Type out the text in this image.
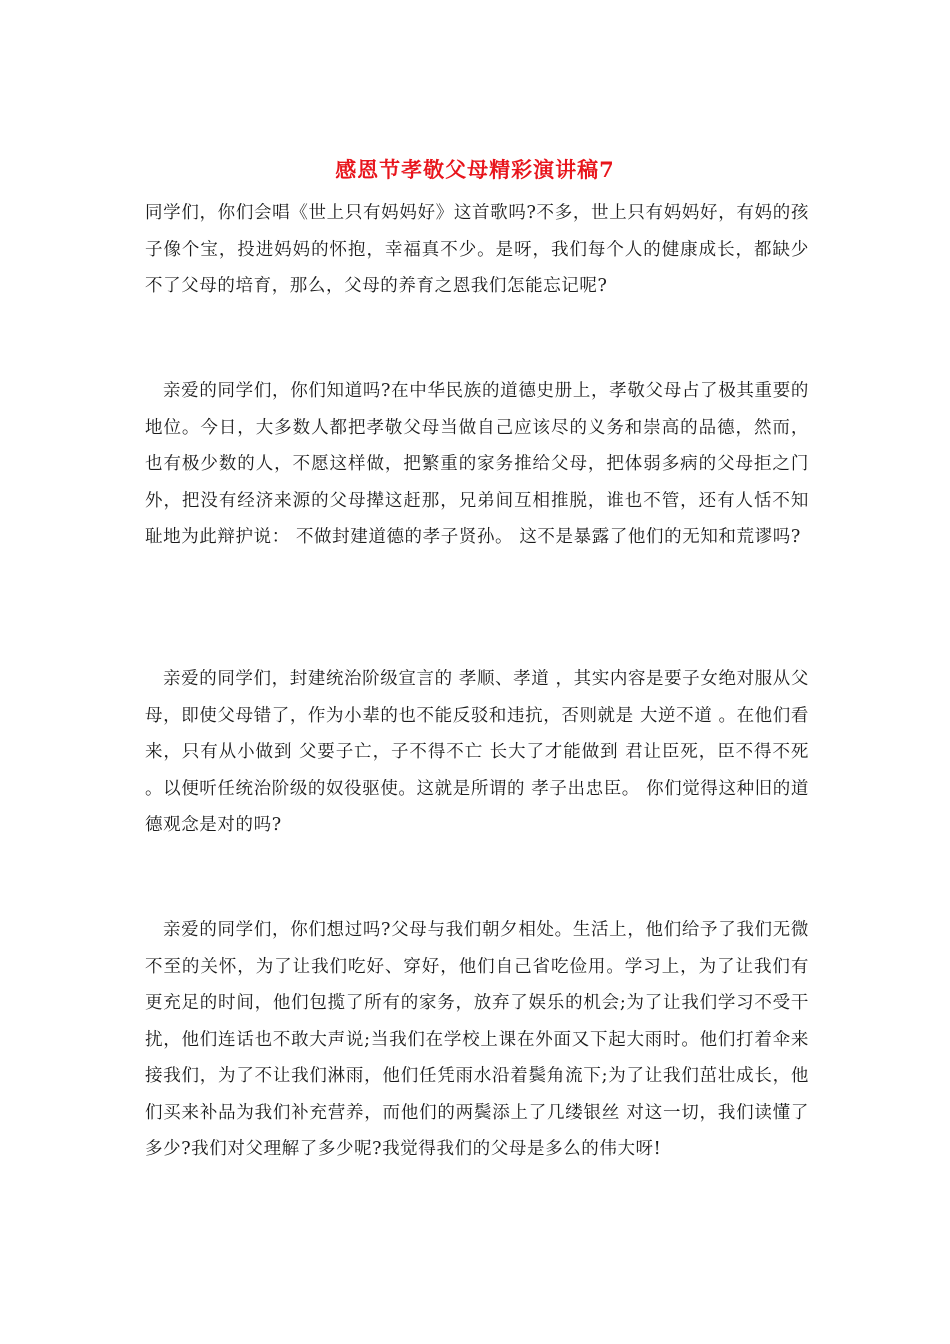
感恩节孝敬父母精彩演讲稿7

同学们，你们会唱《世上只有妈妈好》这首歌吗?不多，世上只有妈妈好，有妈的孩子像个宝，投进妈妈的怀抱，幸福真不少。是呀，我们每个人的健康成长，都缺少不了父母的培育，那么，父母的养育之恩我们怎能忘记呢?

亲爱的同学们，你们知道吗?在中华民族的道德史册上，孝敬父母占了极其重要的地位。今日，大多数人都把孝敬父母当做自己应该尽的义务和崇高的品德，然而，也有极少数的人，不愿这样做，把繁重的家务推给父母，把体弱多病的父母拒之门外，把没有经济来源的父母撵这赶那，兄弟间互相推脱，谁也不管，还有人恬不知耻地为此辩护说： 不做封建道德的孝子贤孙。 这不是暴露了他们的无知和荒谬吗?

亲爱的同学们，封建统治阶级宣言的 孝顺、孝道 ，其实内容是要子女绝对服从父母，即使父母错了，作为小辈的也不能反驳和违抗，否则就是 大逆不道 。在他们看来，只有从小做到 父要子亡，子不得不亡 长大了才能做到 君让臣死，臣不得不死 。以便听任统治阶级的奴役驱使。这就是所谓的 孝子出忠臣。 你们觉得这种旧的道德观念是对的吗?

亲爱的同学们，你们想过吗?父母与我们朝夕相处。生活上，他们给予了我们无微不至的关怀，为了让我们吃好、穿好，他们自己省吃俭用。学习上，为了让我们有更充足的时间，他们包揽了所有的家务，放弃了娱乐的机会;为了让我们学习不受干扰，他们连话也不敢大声说;当我们在学校上课在外面又下起大雨时。他们打着伞来接我们，为了不让我们淋雨，他们任凭雨水沿着鬓角流下;为了让我们茁壮成长，他们买来补品为我们补充营养，而他们的两鬓添上了几缕银丝 对这一切，我们读懂了多少?我们对父理解了多少呢?我觉得我们的父母是多么的伟大呀!
